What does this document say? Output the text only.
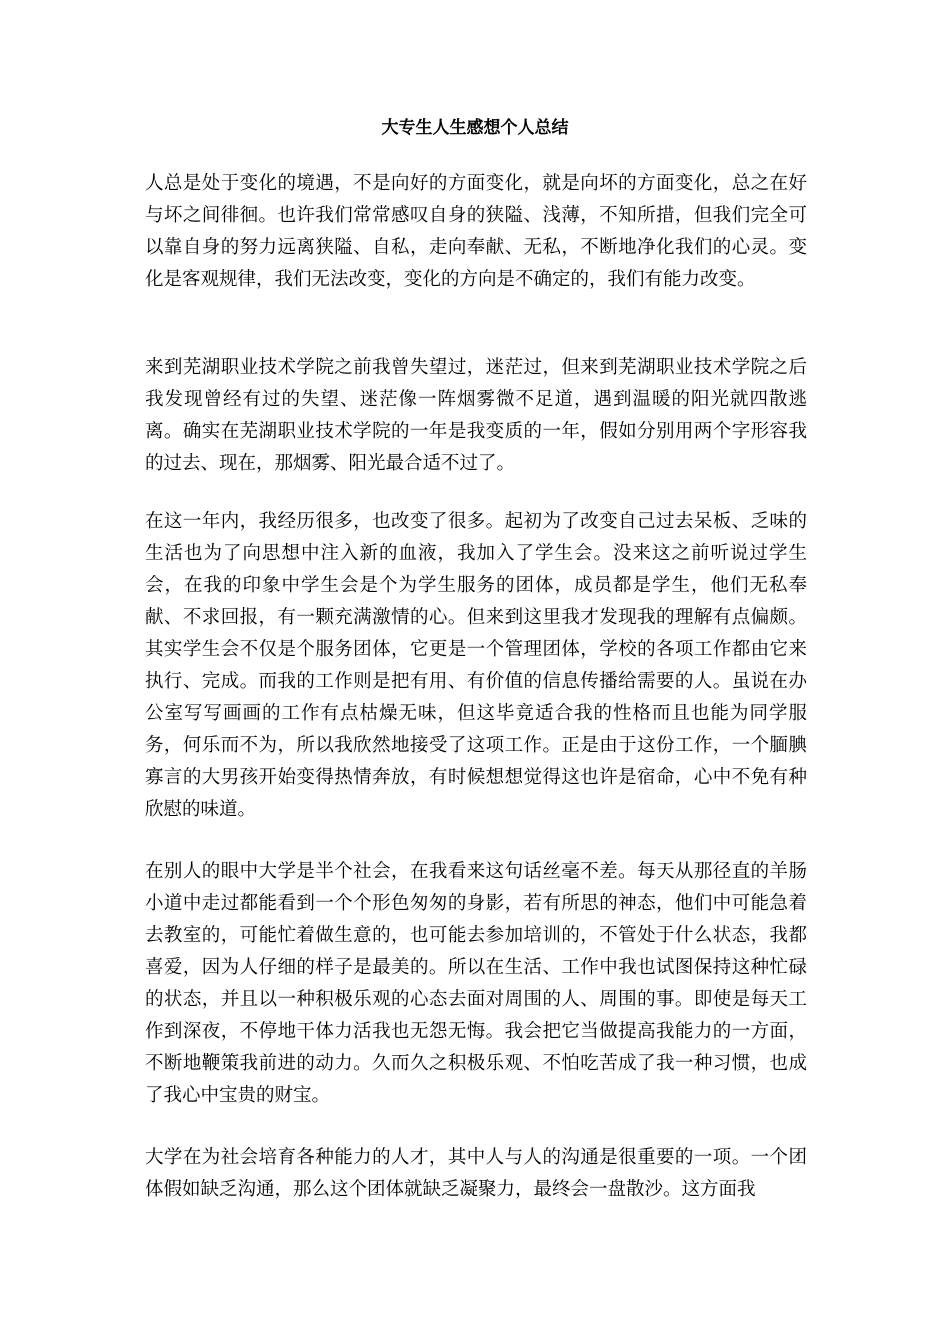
大专生人生感想个人总结

人总是处于变化的境遇，不是向好的方面变化，就是向坏的方面变化，总之在好与坏之间徘徊。也许我们常常感叹自身的狭隘、浅薄，不知所措，但我们完全可以靠自身的努力远离狭隘、自私，走向奉献、无私，不断地净化我们的心灵。变化是客观规律，我们无法改变，变化的方向是不确定的，我们有能力改变。

来到芜湖职业技术学院之前我曾失望过，迷茫过，但来到芜湖职业技术学院之后我发现曾经有过的失望、迷茫像一阵烟雾微不足道，遇到温暖的阳光就四散逃离。确实在芜湖职业技术学院的一年是我变质的一年，假如分别用两个字形容我的过去、现在，那烟雾、阳光最合适不过了。

在这一年内，我经历很多，也改变了很多。起初为了改变自己过去呆板、乏味的生活也为了向思想中注入新的血液，我加入了学生会。没来这之前听说过学生会，在我的印象中学生会是个为学生服务的团体，成员都是学生，他们无私奉献、不求回报，有一颗充满激情的心。但来到这里我才发现我的理解有点偏颇。其实学生会不仅是个服务团体，它更是一个管理团体，学校的各项工作都由它来执行、完成。而我的工作则是把有用、有价值的信息传播给需要的人。虽说在办公室写写画画的工作有点枯燥无味，但这毕竟适合我的性格而且也能为同学服务，何乐而不为，所以我欣然地接受了这项工作。正是由于这份工作，一个腼腆寡言的大男孩开始变得热情奔放，有时候想想觉得这也许是宿命，心中不免有种欣慰的味道。

在别人的眼中大学是半个社会，在我看来这句话丝毫不差。每天从那径直的羊肠小道中走过都能看到一个个形色匆匆的身影，若有所思的神态，他们中可能急着去教室的，可能忙着做生意的，也可能去参加培训的，不管处于什么状态，我都喜爱，因为人仔细的样子是最美的。所以在生活、工作中我也试图保持这种忙碌的状态，并且以一种积极乐观的心态去面对周围的人、周围的事。即使是每天工作到深夜，不停地干体力活我也无怨无悔。我会把它当做提高我能力的一方面，不断地鞭策我前进的动力。久而久之积极乐观、不怕吃苦成了我一种习惯，也成了我心中宝贵的财宝。

大学在为社会培育各种能力的人才，其中人与人的沟通是很重要的一项。一个团体假如缺乏沟通，那么这个团体就缺乏凝聚力，最终会一盘散沙。这方面我
